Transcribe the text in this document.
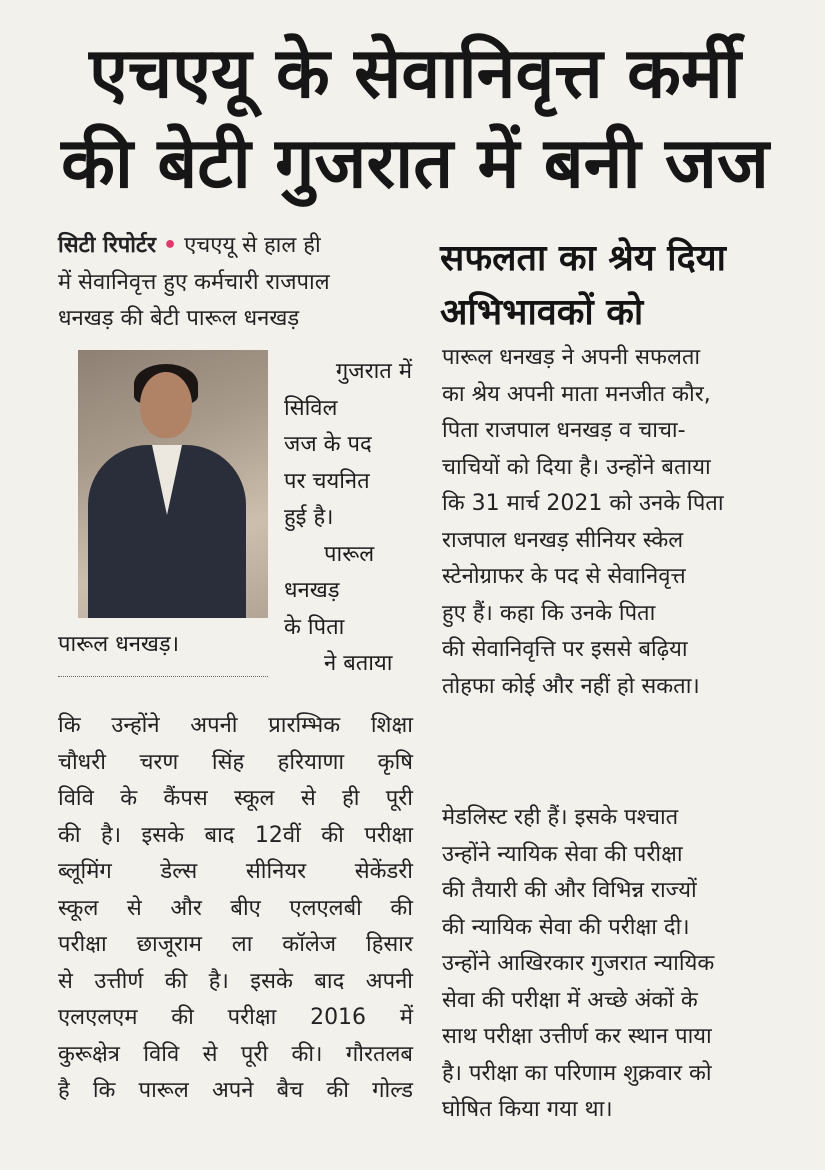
एचएयू के सेवानिवृत्त कर्मी
की बेटी गुजरात में बनी जज
सिटी रिपोर्टर • एचएयू से हाल ही
में सेवानिवृत्त हुए कर्मचारी राजपाल
धनखड़ की बेटी पारूल धनखड़
पारूल धनखड़।
गुजरात में
सिविल
जज के पद
पर चयनित
हुई है।
पारूल
धनखड़
के पिता
ने बताया
कि उन्होंने अपनी प्रारम्भिक शिक्षा
चौधरी चरण सिंह हरियाणा कृषि
विवि के कैंपस स्कूल से ही पूरी
की है। इसके बाद 12वीं की परीक्षा
ब्लूमिंग डेल्स सीनियर सेकेंडरी
स्कूल से और बीए एलएलबी की
परीक्षा छाजूराम ला कॉलेज हिसार
से उत्तीर्ण की है। इसके बाद अपनी
एलएलएम की परीक्षा 2016 में
कुरूक्षेत्र विवि से पूरी की। गौरतलब
है कि पारूल अपने बैच की गोल्ड
सफलता का श्रेय दिया
अभिभावकों को
पारूल धनखड़ ने अपनी सफलता
का श्रेय अपनी माता मनजीत कौर,
पिता राजपाल धनखड़ व चाचा-
चाचियों को दिया है। उन्होंने बताया
कि 31 मार्च 2021 को उनके पिता
राजपाल धनखड़ सीनियर स्केल
स्टेनोग्राफर के पद से सेवानिवृत्त
हुए हैं। कहा कि उनके पिता
की सेवानिवृत्ति पर इससे बढ़िया
तोहफा कोई और नहीं हो सकता।
मेडलिस्ट रही हैं। इसके पश्चात
उन्होंने न्यायिक सेवा की परीक्षा
की तैयारी की और विभिन्न राज्यों
की न्यायिक सेवा की परीक्षा दी।
उन्होंने आखिरकार गुजरात न्यायिक
सेवा की परीक्षा में अच्छे अंकों के
साथ परीक्षा उत्तीर्ण कर स्थान पाया
है। परीक्षा का परिणाम शुक्रवार को
घोषित किया गया था।
